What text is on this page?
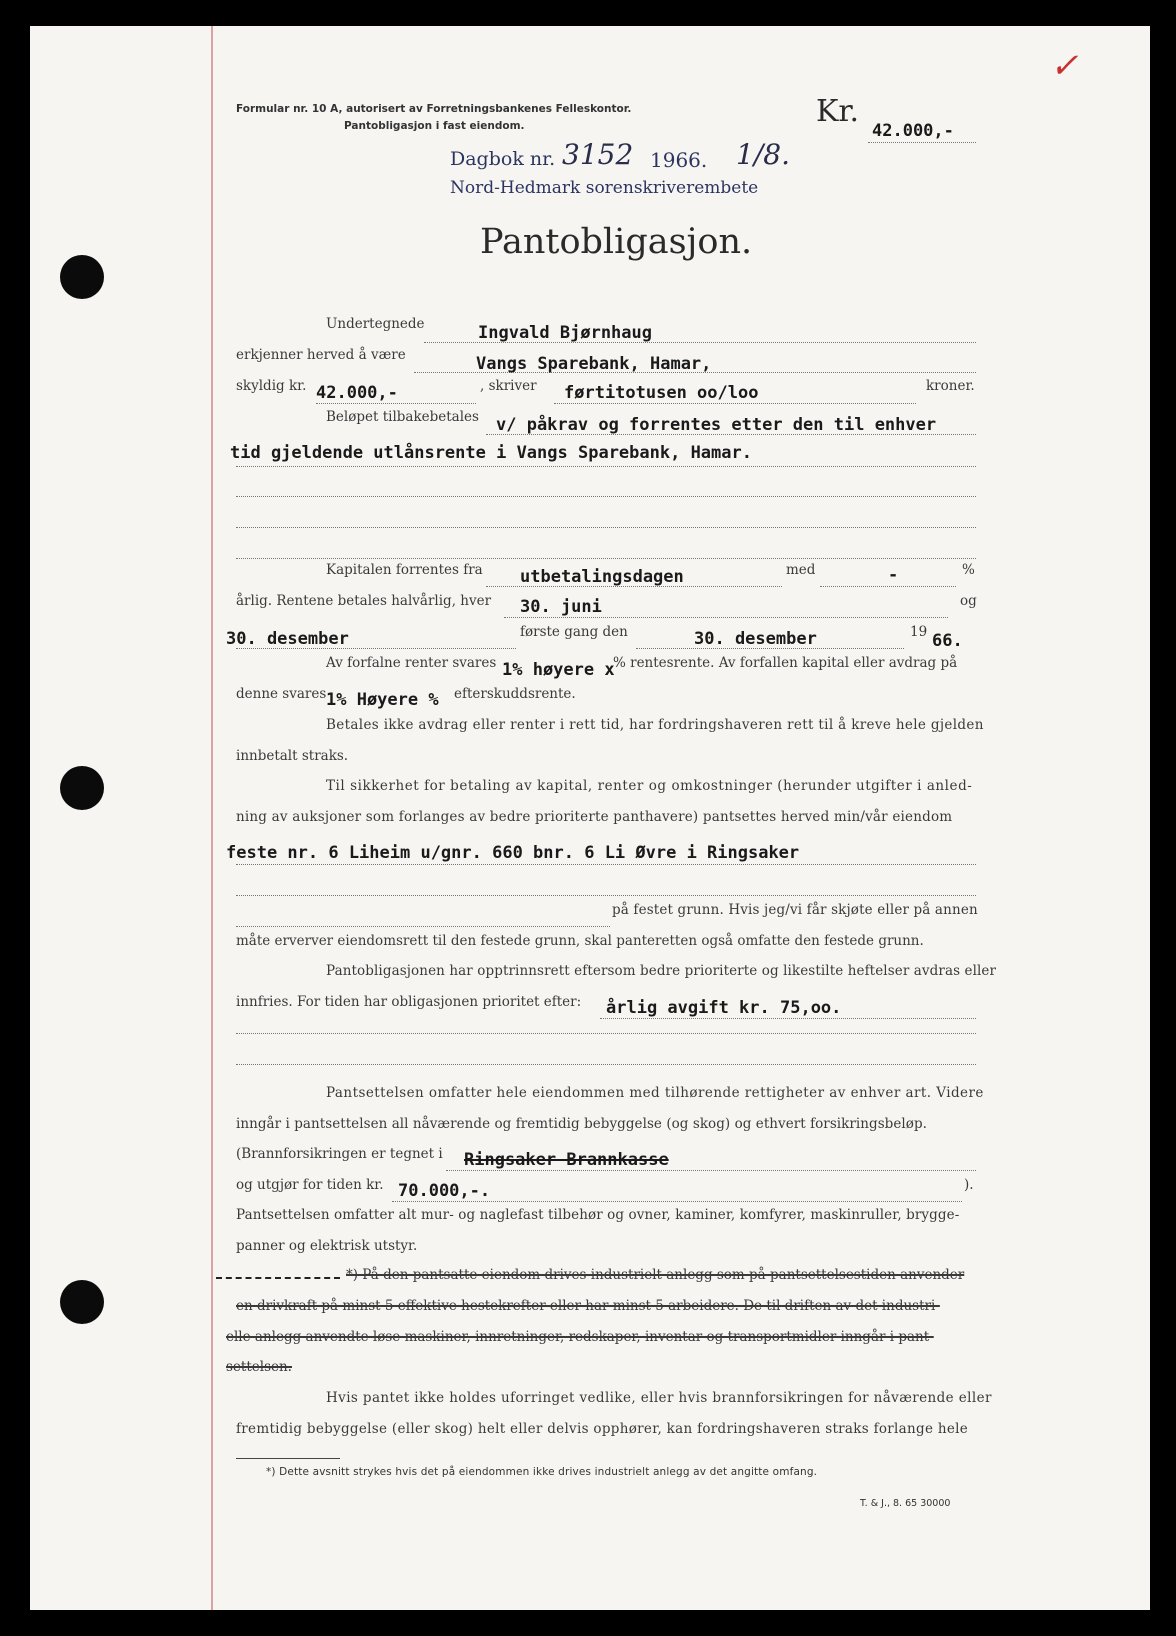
Formular nr. 10 A, autorisert av Forretningsbankenes Felleskontor.
Pantobligasjon i fast eiendom.	Kr.
42.000,-
✓
Dagbok nr. 3152 1966. 1/8.
Nord-Hedmark sorenskriverembete
Pantobligasjon.
Undertegnede	Ingvald Bjørnhaug
erkjenner herved å være	Vangs Sparebank, Hamar,
skyldig kr. 42.000,-	, skriver førtitotusen oo/loo	kroner.
Beløpet tilbakebetales v/ påkrav og forrentes etter den til enhver
tid gjeldende utlånsrente i Vangs Sparebank, Hamar.
Kapitalen forrentes fra utbetalingsdagen	med	-	%
årlig. Rentene betales halvårlig, hver 30. juni	og
30. desember	første gang den	30. desember	19 66.
Av forfalne renter svares 1% høyere x
% rentesrente. Av forfallen kapital eller avdrag på
denne svares 1% Høyere % efterskuddsrente.
Betales ikke avdrag eller renter i rett tid, har fordringshaveren rett til å kreve hele gjelden
innbetalt straks.
Til sikkerhet for betaling av kapital, renter og omkostninger (herunder utgifter i anled-
ning av auksjoner som forlanges av bedre prioriterte panthavere) pantsettes herved min/vår eiendom
feste nr. 6 Liheim u/gnr. 660 bnr. 6 Li Øvre i Ringsaker
på festet grunn. Hvis jeg/vi får skjøte eller på annen
måte erverver eiendomsrett til den festede grunn, skal panteretten også omfatte den festede grunn.
Pantobligasjonen har opptrinnsrett eftersom bedre prioriterte og likestilte heftelser avdras eller
innfries. For tiden har obligasjonen prioritet efter: årlig avgift kr. 75,oo.
Pantsettelsen omfatter hele eiendommen med tilhørende rettigheter av enhver art. Videre
inngår i pantsettelsen all nåværende og fremtidig bebyggelse (og skog) og ethvert forsikringsbeløp.
(Brannforsikringen er tegnet i Ringsaker Brannkasse
og utgjør for tiden kr. 70.000,-.	).
Pantsettelsen omfatter alt mur- og naglefast tilbehør og ovner, kaminer, komfyrer, maskinruller, brygge-
panner og elektrisk utstyr.
*) På den pantsatte eiendom drives industrielt anlegg som på pantsettelsestiden anvender
en drivkraft på minst 5 effektive hestekrefter eller har minst 5 arbeidere. De til driften av det industri-
elle anlegg anvendte løse maskiner, innretninger, redskaper, inventar og transportmidler inngår i pant-
settelsen.
Hvis pantet ikke holdes uforringet vedlike, eller hvis brannforsikringen for nåværende eller
fremtidig bebyggelse (eller skog) helt eller delvis opphører, kan fordringshaveren straks forlange hele
*) Dette avsnitt strykes hvis det på eiendommen ikke drives industrielt anlegg av det angitte omfang.
T. & J., 8. 65 30000
